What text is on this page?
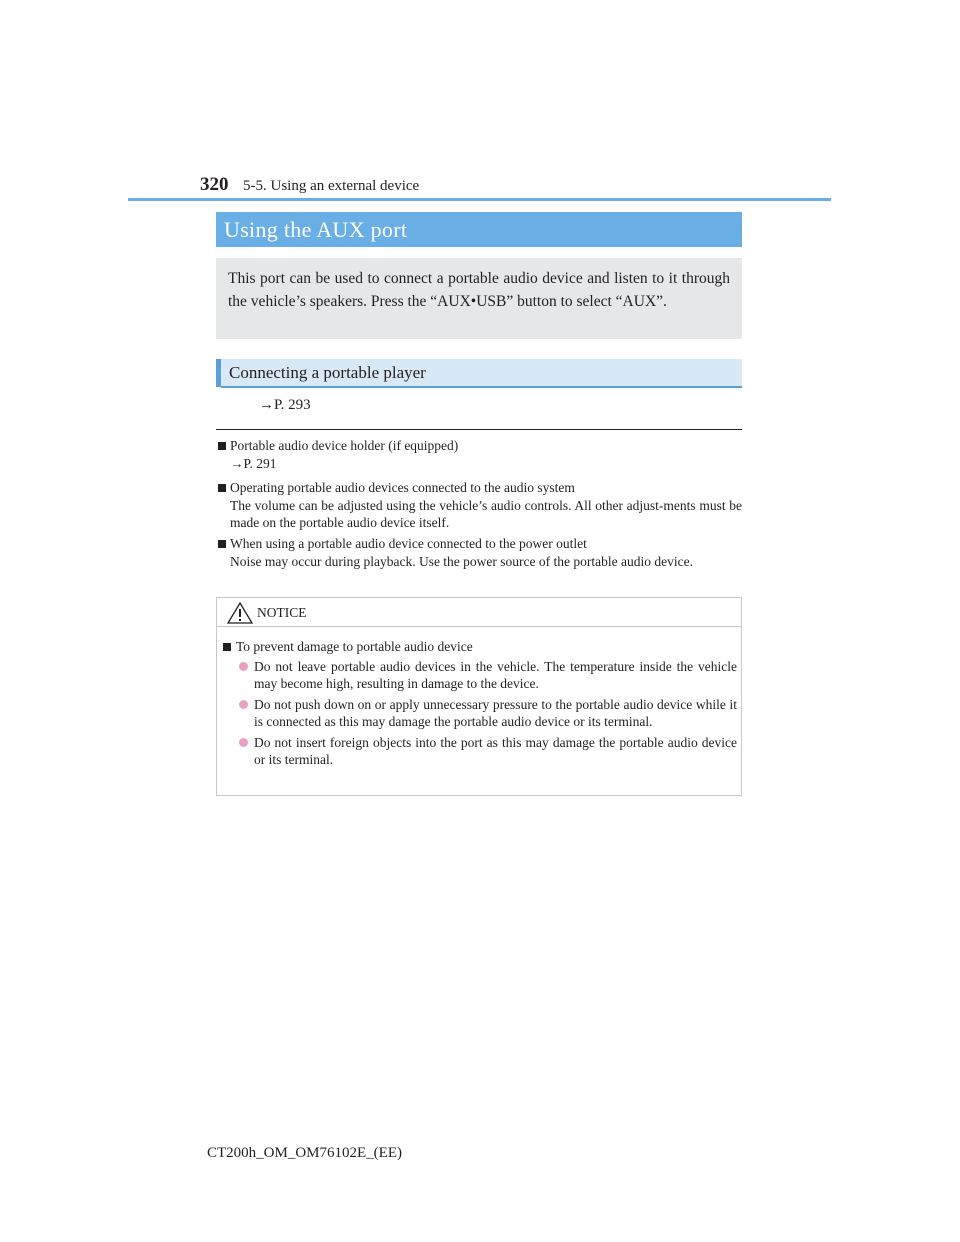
320 5-5. Using an external device
Using the AUX port

This port can be used to connect a portable audio device and listen to it through the vehicle’s speakers. Press the “AUX•USB” button to select “AUX”.

Connecting a portable player
→P. 293
Portable audio device holder (if equipped)
→P. 291
Operating portable audio devices connected to the audio system
The volume can be adjusted using the vehicle’s audio controls. All other adjust-ments must be made on the portable audio device itself.
When using a portable audio device connected to the power outlet
Noise may occur during playback. Use the power source of the portable audio device.
NOTICE
To prevent damage to portable audio device
Do not leave portable audio devices in the vehicle. The temperature inside the vehicle may become high, resulting in damage to the device.
Do not push down on or apply unnecessary pressure to the portable audio device while it is connected as this may damage the portable audio device or its terminal.
Do not insert foreign objects into the port as this may damage the portable audio device or its terminal.
CT200h_OM_OM76102E_(EE)
